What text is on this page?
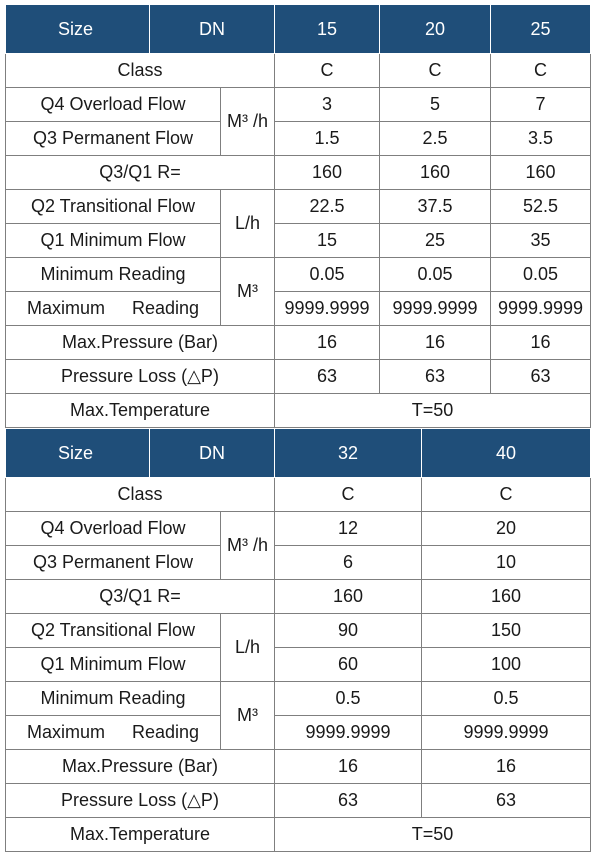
Size	DN		15	20	25
Class			C	C	C
Q4 Overload Flow		M³ /h	3	5	7
Q3 Permanent Flow			1.5	2.5	3.5
Q3/Q1 R=			160	160	160
Q2 Transitional Flow		L/h	22.5	37.5	52.5
Q1 Minimum Flow			15	25	35
Minimum Reading		M³	0.05	0.05	0.05
Maximum Reading			9999.9999	9999.9999	9999.9999
Max.Pressure (Bar)			16	16	16
Pressure Loss (△P)			63	63	63
Max.Temperature			T=50		
Size	DN		32	40
Class			C	C
Q4 Overload Flow		M³ /h	12	20
Q3 Permanent Flow			6	10
Q3/Q1 R=			160	160
Q2 Transitional Flow		L/h	90	150
Q1 Minimum Flow			60	100
Minimum Reading		M³	0.5	0.5
Maximum Reading			9999.9999	9999.9999
Max.Pressure (Bar)			16	16
Pressure Loss (△P)			63	63
Max.Temperature			T=50	
